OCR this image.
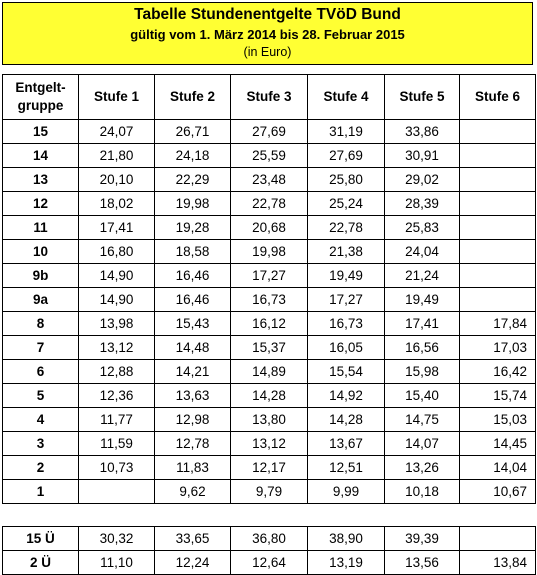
Tabelle Stundenentgelte TVöD Bund
gültig vom 1. März 2014 bis 28. Februar 2015
(in Euro)
Entgelt-
gruppe	Stufe 1	Stufe 2	Stufe 3	Stufe 4	Stufe 5	Stufe 6
15	24,07	26,71	27,69	31,19	33,86	
14	21,80	24,18	25,59	27,69	30,91	
13	20,10	22,29	23,48	25,80	29,02	
12	18,02	19,98	22,78	25,24	28,39	
11	17,41	19,28	20,68	22,78	25,83	
10	16,80	18,58	19,98	21,38	24,04	
9b	14,90	16,46	17,27	19,49	21,24	
9a	14,90	16,46	16,73	17,27	19,49	
8	13,98	15,43	16,12	16,73	17,41	17,84
7	13,12	14,48	15,37	16,05	16,56	17,03
6	12,88	14,21	14,89	15,54	15,98	16,42
5	12,36	13,63	14,28	14,92	15,40	15,74
4	11,77	12,98	13,80	14,28	14,75	15,03
3	11,59	12,78	13,12	13,67	14,07	14,45
2	10,73	11,83	12,17	12,51	13,26	14,04
1		9,62	9,79	9,99	10,18	10,67
15 Ü	30,32	33,65	36,80	38,90	39,39	
2 Ü	11,10	12,24	12,64	13,19	13,56	13,84
